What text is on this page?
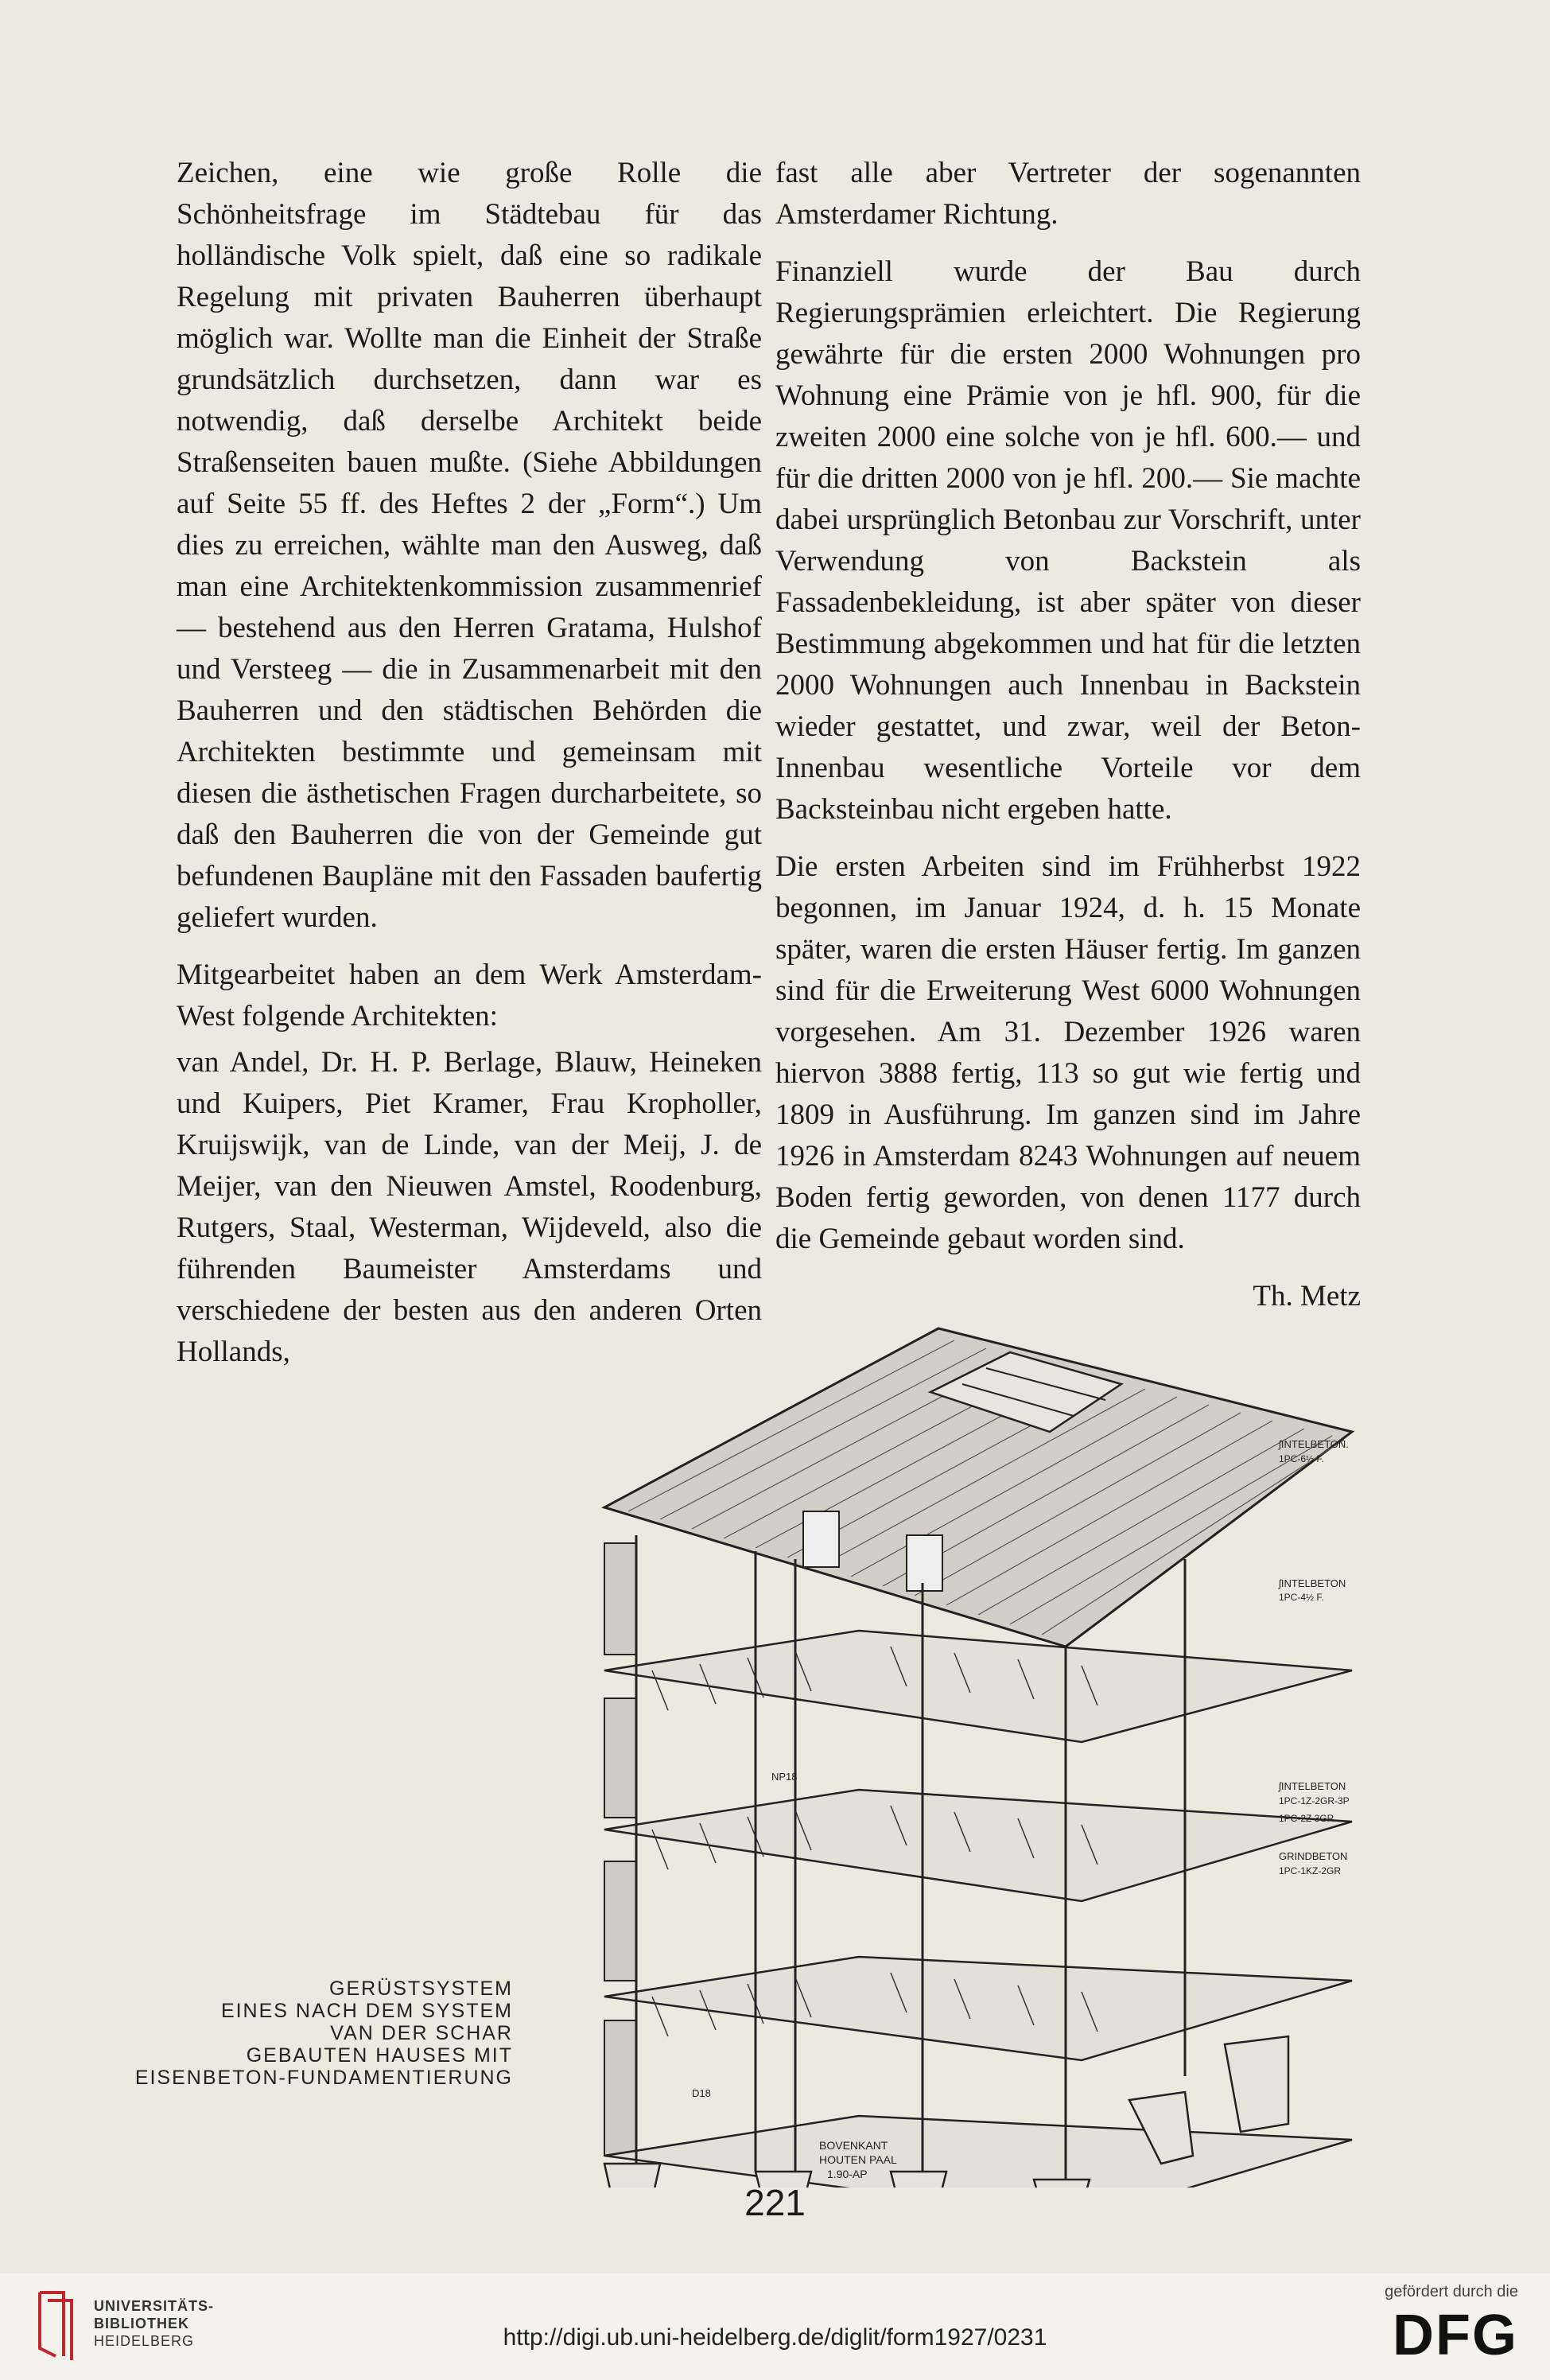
Zeichen, eine wie große Rolle die Schönheitsfrage im Städtebau für das holländische Volk spielt, daß eine so radikale Regelung mit privaten Bauherren überhaupt möglich war. Wollte man die Einheit der Straße grundsätzlich durchsetzen, dann war es notwendig, daß derselbe Architekt beide Straßenseiten bauen mußte. (Siehe Abbildungen auf Seite 55 ff. des Heftes 2 der „Form“.) Um dies zu erreichen, wählte man den Ausweg, daß man eine Architektenkommission zusammenrief — bestehend aus den Herren Gratama, Hulshof und Versteeg — die in Zusammenarbeit mit den Bauherren und den städtischen Behörden die Architekten bestimmte und gemeinsam mit diesen die ästhetischen Fragen durcharbeitete, so daß den Bauherren die von der Gemeinde gut befundenen Baupläne mit den Fassaden baufertig geliefert wurden.

Mitgearbeitet haben an dem Werk Amsterdam-West folgende Architekten:

van Andel, Dr. H. P. Berlage, Blauw, Heineken und Kuipers, Piet Kramer, Frau Kropholler, Kruijswijk, van de Linde, van der Meij, J. de Meijer, van den Nieuwen Amstel, Roodenburg, Rutgers, Staal, Westerman, Wijdeveld, also die führenden Baumeister Amsterdams und verschiedene der besten aus den anderen Orten Hollands,

fast alle aber Vertreter der sogenannten Amsterdamer Richtung.

Finanziell wurde der Bau durch Regierungsprämien erleichtert. Die Regierung gewährte für die ersten 2000 Wohnungen pro Wohnung eine Prämie von je hfl. 900, für die zweiten 2000 eine solche von je hfl. 600.— und für die dritten 2000 von je hfl. 200.— Sie machte dabei ursprünglich Betonbau zur Vorschrift, unter Verwendung von Backstein als Fassadenbekleidung, ist aber später von dieser Bestimmung abgekommen und hat für die letzten 2000 Wohnungen auch Innenbau in Backstein wieder gestattet, und zwar, weil der Beton-Innenbau wesentliche Vorteile vor dem Backsteinbau nicht ergeben hatte.

Die ersten Arbeiten sind im Frühherbst 1922 begonnen, im Januar 1924, d. h. 15 Monate später, waren die ersten Häuser fertig. Im ganzen sind für die Erweiterung West 6000 Wohnungen vorgesehen. Am 31. Dezember 1926 waren hiervon 3888 fertig, 113 so gut wie fertig und 1809 in Ausführung. Im ganzen sind im Jahre 1926 in Amsterdam 8243 Wohnungen auf neuem Boden fertig geworden, von denen 1177 durch die Gemeinde gebaut worden sind.

Th. Metz
GERÜSTSYSTEM
EINES NACH DEM SYSTEM
VAN DER SCHAR
GEBAUTEN HAUSES MIT
EISENBETON-FUNDAMENTIERUNG
ʃINTELBETON.
1PC-6½ F.
ʃINTELBETON
1PC-4½ F.
ʃINTELBETON
1PC-1Z-2GR-3P
1PC-2Z 3GR
GRINDBETON
1PC-1KZ-2GR
NP18
D18
BOVENKANT
HOUTEN PAAL
1.90-AP
221
UNIVERSITÄTS-
BIBLIOTHEK
HEIDELBERG	http://digi.ub.uni-heidelberg.de/diglit/form1927/0231
gefördert durch die
DFG
